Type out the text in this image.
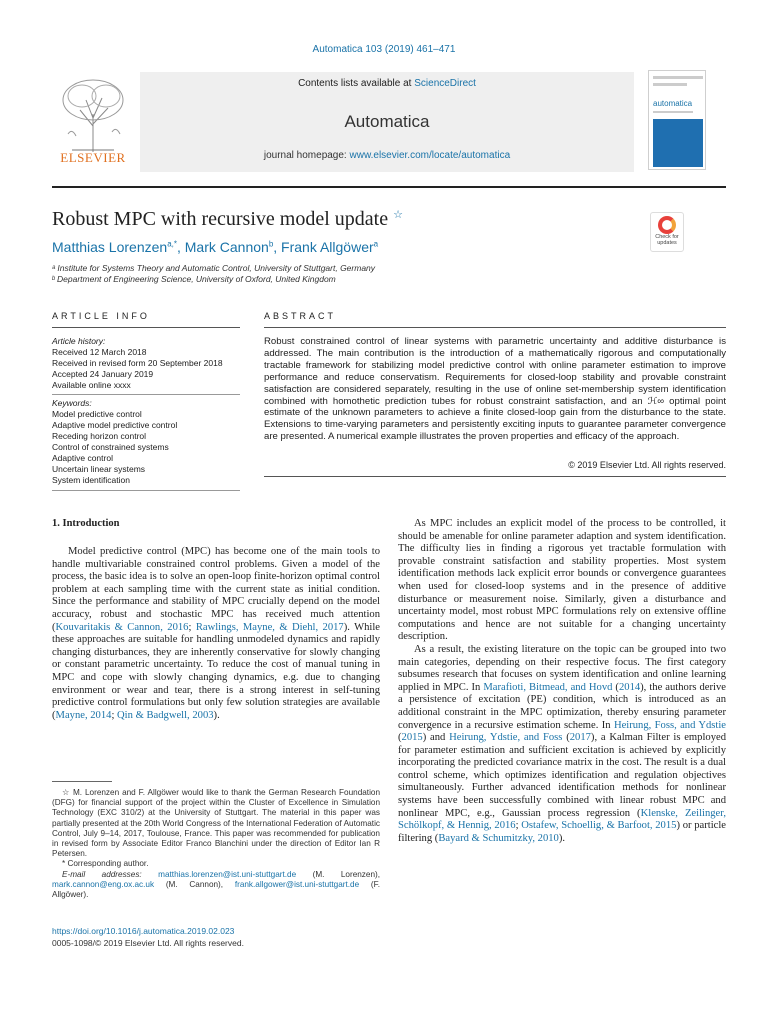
Automatica 103 (2019) 461–471
ELSEVIER
Contents lists available at ScienceDirect
Automatica
journal homepage: www.elsevier.com/locate/automatica
automatica
Robust MPC with recursive model update ☆
Check for
updates
Matthias Lorenzen$^{a,*}$, Mark Cannon$^b$, Frank Allgöwer$^a$
ᵃ Institute for Systems Theory and Automatic Control, University of Stuttgart, Germany
ᵇ Department of Engineering Science, University of Oxford, United Kingdom
ARTICLE INFO	ABSTRACT
Article history:
Received 12 March 2018
Received in revised form 20 September 2018
Accepted 24 January 2019
Available online xxxx
Keywords:
Model predictive control
Adaptive model predictive control
Receding horizon control
Control of constrained systems
Adaptive control
Uncertain linear systems
System identification
Robust constrained control of linear systems with parametric uncertainty and additive disturbance is addressed. The main contribution is the introduction of a mathematically rigorous and computationally tractable framework for stabilizing model predictive control with online parameter estimation to improve performance and reduce conservatism. Requirements for closed-loop stability and provable constraint satisfaction are considered separately, resulting in the use of online set-membership system identification combined with homothetic prediction tubes for robust constraint satisfaction, and an ℋ∞ optimal point estimate of the unknown parameters to achieve a finite closed-loop gain from the disturbance to the state. Extensions to time-varying parameters and persistently exciting inputs to guarantee parameter convergence are presented. A numerical example illustrates the proven properties and efficacy of the approach.
© 2019 Elsevier Ltd. All rights reserved.
1. Introduction

Model predictive control (MPC) has become one of the main tools to handle multivariable constrained control problems. Given a model of the process, the basic idea is to solve an open-loop finite-horizon optimal control problem at each sampling time with the current state as initial condition. Since the performance and stability of MPC crucially depend on the model accuracy, robust and stochastic MPC has received much attention (Kouvaritakis & Cannon, 2016; Rawlings, Mayne, & Diehl, 2017). While these approaches are suitable for handling unmodeled dynamics and rapidly changing disturbances, they are inherently conservative for slowly changing or constant parametric uncertainty. To reduce the cost of manual tuning in MPC and cope with slowly changing dynamics, e.g. due to changing environment or wear and tear, there is a strong interest in self-tuning predictive control formulations but only few solution strategies are available (Mayne, 2014; Qin & Badgwell, 2003).

☆ M. Lorenzen and F. Allgöwer would like to thank the German Research Foundation (DFG) for financial support of the project within the Cluster of Excellence in Simulation Technology (EXC 310/2) at the University of Stuttgart. The material in this paper was partially presented at the 20th World Congress of the International Federation of Automatic Control, July 9–14, 2017, Toulouse, France. This paper was recommended for publication in revised form by Associate Editor Franco Blanchini under the direction of Editor Ian R Petersen.
* Corresponding author.
E-mail addresses: matthias.lorenzen@ist.uni-stuttgart.de (M. Lorenzen), mark.cannon@eng.ox.ac.uk (M. Cannon), frank.allgower@ist.uni-stuttgart.de (F. Allgöwer).
https://doi.org/10.1016/j.automatica.2019.02.023
0005-1098/© 2019 Elsevier Ltd. All rights reserved.

As MPC includes an explicit model of the process to be controlled, it should be amenable for online parameter adaption and system identification. The difficulty lies in finding a rigorous yet tractable formulation with provable constraint satisfaction and stability properties. Most system identification methods lack explicit error bounds or convergence guarantees when used for closed-loop systems and in the presence of additive disturbance or measurement noise. Similarly, given a disturbance and uncertainty model, most robust MPC formulations rely on extensive offline computations and hence are not suitable for a changing uncertainty description.

As a result, the existing literature on the topic can be grouped into two main categories, depending on their respective focus. The first category subsumes research that focuses on system identification and online learning applied in MPC. In Marafioti, Bitmead, and Hovd (2014), the authors derive a persistence of excitation (PE) condition, which is introduced as an additional constraint in the MPC optimization, thereby ensuring parameter convergence in a recursive estimation scheme. In Heirung, Foss, and Ydstie (2015) and Heirung, Ydstie, and Foss (2017), a Kalman Filter is employed for parameter estimation and sufficient excitation is achieved by explicitly incorporating the predicted covariance matrix in the cost. The result is a dual control scheme, which optimizes identification and regulation objectives simultaneously. Further advanced identification methods for nonlinear systems have been successfully combined with linear robust MPC and nonlinear MPC, e.g., Gaussian process regression (Klenske, Zeilinger, Schölkopf, & Hennig, 2016; Ostafew, Schoellig, & Barfoot, 2015) or particle filtering (Bayard & Schumitzky, 2010).
